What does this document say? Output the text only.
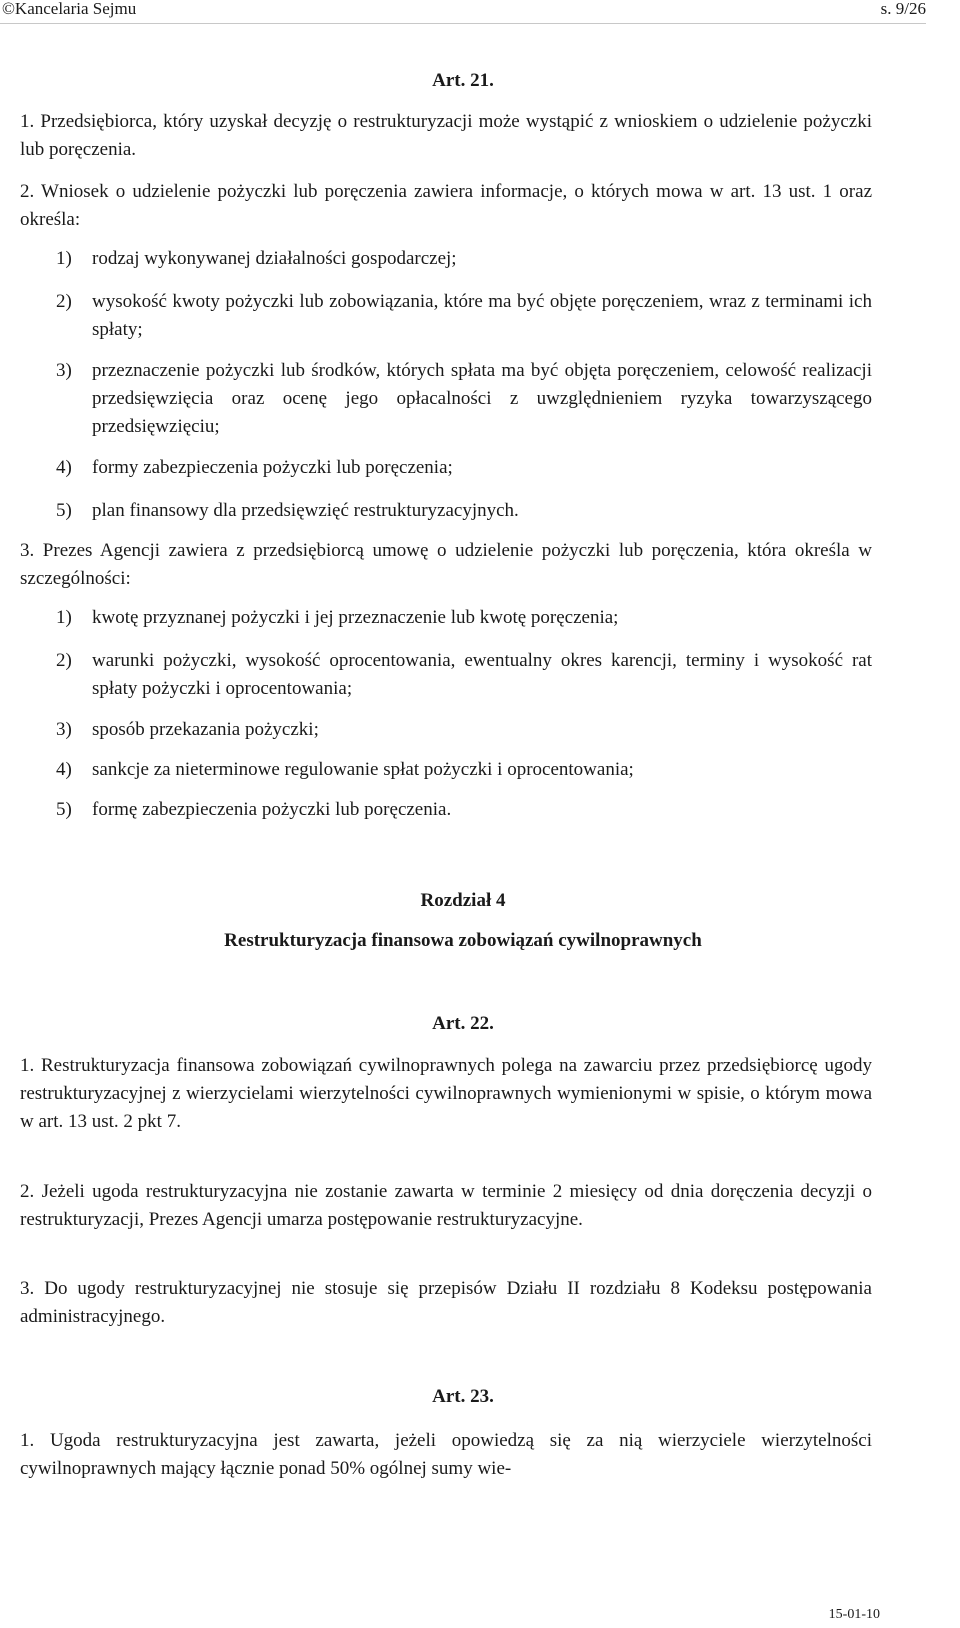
©Kancelaria Sejmu	s. 9/26
Art. 21.
1. Przedsiębiorca, który uzyskał decyzję o restrukturyzacji może wystąpić z wnioskiem o udzielenie pożyczki lub poręczenia.
2. Wniosek o udzielenie pożyczki lub poręczenia zawiera informacje, o których mowa w art. 13 ust. 1 oraz określa:
1) rodzaj wykonywanej działalności gospodarczej;
2) wysokość kwoty pożyczki lub zobowiązania, które ma być objęte poręczeniem, wraz z terminami ich spłaty;
3) przeznaczenie pożyczki lub środków, których spłata ma być objęta poręczeniem, celowość realizacji przedsięwzięcia oraz ocenę jego opłacalności z uwzględnieniem ryzyka towarzyszącego przedsięwzięciu;
4) formy zabezpieczenia pożyczki lub poręczenia;
5) plan finansowy dla przedsięwzięć restrukturyzacyjnych.
3. Prezes Agencji zawiera z przedsiębiorcą umowę o udzielenie pożyczki lub poręczenia, która określa w szczególności:
1) kwotę przyznanej pożyczki i jej przeznaczenie lub kwotę poręczenia;
2) warunki pożyczki, wysokość oprocentowania, ewentualny okres karencji, terminy i wysokość rat spłaty pożyczki i oprocentowania;
3) sposób przekazania pożyczki;
4) sankcje za nieterminowe regulowanie spłat pożyczki i oprocentowania;
5) formę zabezpieczenia pożyczki lub poręczenia.
Rozdział 4
Restrukturyzacja finansowa zobowiązań cywilnoprawnych
Art. 22.
1. Restrukturyzacja finansowa zobowiązań cywilnoprawnych polega na zawarciu przez przedsiębiorcę ugody restrukturyzacyjnej z wierzycielami wierzytelności cywilnoprawnych wymienionymi w spisie, o którym mowa w art. 13 ust. 2 pkt 7.
2. Jeżeli ugoda restrukturyzacyjna nie zostanie zawarta w terminie 2 miesięcy od dnia doręczenia decyzji o restrukturyzacji, Prezes Agencji umarza postępowanie restrukturyzacyjne.
3. Do ugody restrukturyzacyjnej nie stosuje się przepisów Działu II rozdziału 8 Kodeksu postępowania administracyjnego.
Art. 23.
1. Ugoda restrukturyzacyjna jest zawarta, jeżeli opowiedzą się za nią wierzyciele wierzytelności cywilnoprawnych mający łącznie ponad 50% ogólnej sumy wie-
15-01-10
